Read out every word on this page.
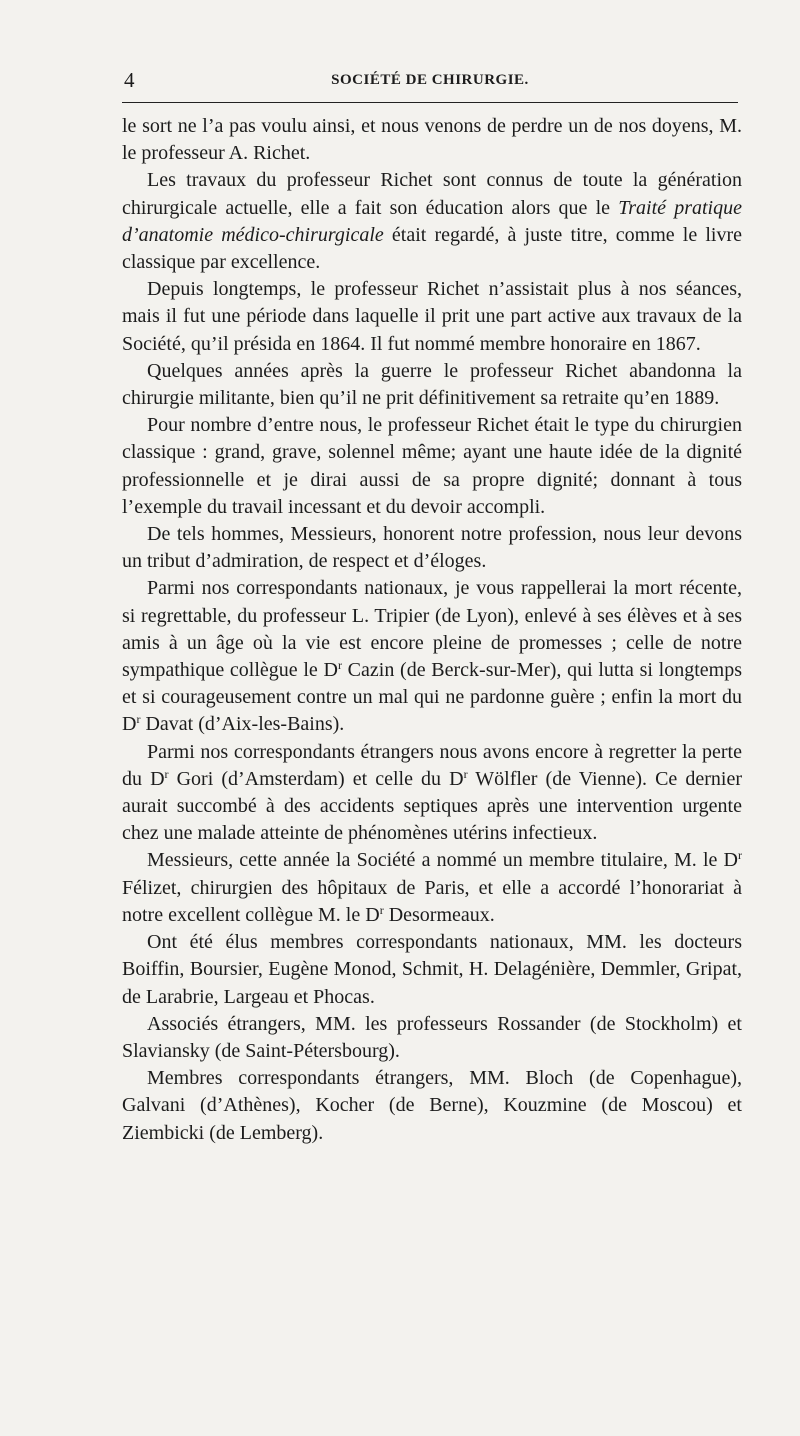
4	SOCIÉTÉ DE CHIRURGIE.

le sort ne l’a pas voulu ainsi, et nous venons de perdre un de nos doyens, M. le professeur A. Richet.

Les travaux du professeur Richet sont connus de toute la génération chirurgicale actuelle, elle a fait son éducation alors que le Traité pratique d’anatomie médico-chirurgicale était regardé, à juste titre, comme le livre classique par excellence.

Depuis longtemps, le professeur Richet n’assistait plus à nos séances, mais il fut une période dans laquelle il prit une part active aux travaux de la Société, qu’il présida en 1864. Il fut nommé membre honoraire en 1867.

Quelques années après la guerre le professeur Richet abandonna la chirurgie militante, bien qu’il ne prit définitivement sa retraite qu’en 1889.

Pour nombre d’entre nous, le professeur Richet était le type du chirurgien classique : grand, grave, solennel même; ayant une haute idée de la dignité professionnelle et je dirai aussi de sa propre dignité; donnant à tous l’exemple du travail incessant et du devoir accompli.

De tels hommes, Messieurs, honorent notre profession, nous leur devons un tribut d’admiration, de respect et d’éloges.

Parmi nos correspondants nationaux, je vous rappellerai la mort récente, si regrettable, du professeur L. Tripier (de Lyon), enlevé à ses élèves et à ses amis à un âge où la vie est encore pleine de promesses ; celle de notre sympathique collègue le $D^r$ Cazin (de Berck-sur-Mer), qui lutta si longtemps et si courageusement contre un mal qui ne pardonne guère ; enfin la mort du $D^r$ Davat (d’Aix-les-Bains).

Parmi nos correspondants étrangers nous avons encore à regretter la perte du $D^r$ Gori (d’Amsterdam) et celle du $D^r$ Wölfler (de Vienne). Ce dernier aurait succombé à des accidents septiques après une intervention urgente chez une malade atteinte de phénomènes utérins infectieux.

Messieurs, cette année la Société a nommé un membre titulaire, M. le $D^r$ Félizet, chirurgien des hôpitaux de Paris, et elle a accordé l’honorariat à notre excellent collègue M. le $D^r$ Desormeaux.

Ont été élus membres correspondants nationaux, MM. les docteurs Boiffin, Boursier, Eugène Monod, Schmit, H. Delagénière, Demmler, Gripat, de Larabrie, Largeau et Phocas.

Associés étrangers, MM. les professeurs Rossander (de Stockholm) et Slaviansky (de Saint-Pétersbourg).

Membres correspondants étrangers, MM. Bloch (de Copenhague), Galvani (d’Athènes), Kocher (de Berne), Kouzmine (de Moscou) et Ziembicki (de Lemberg).
